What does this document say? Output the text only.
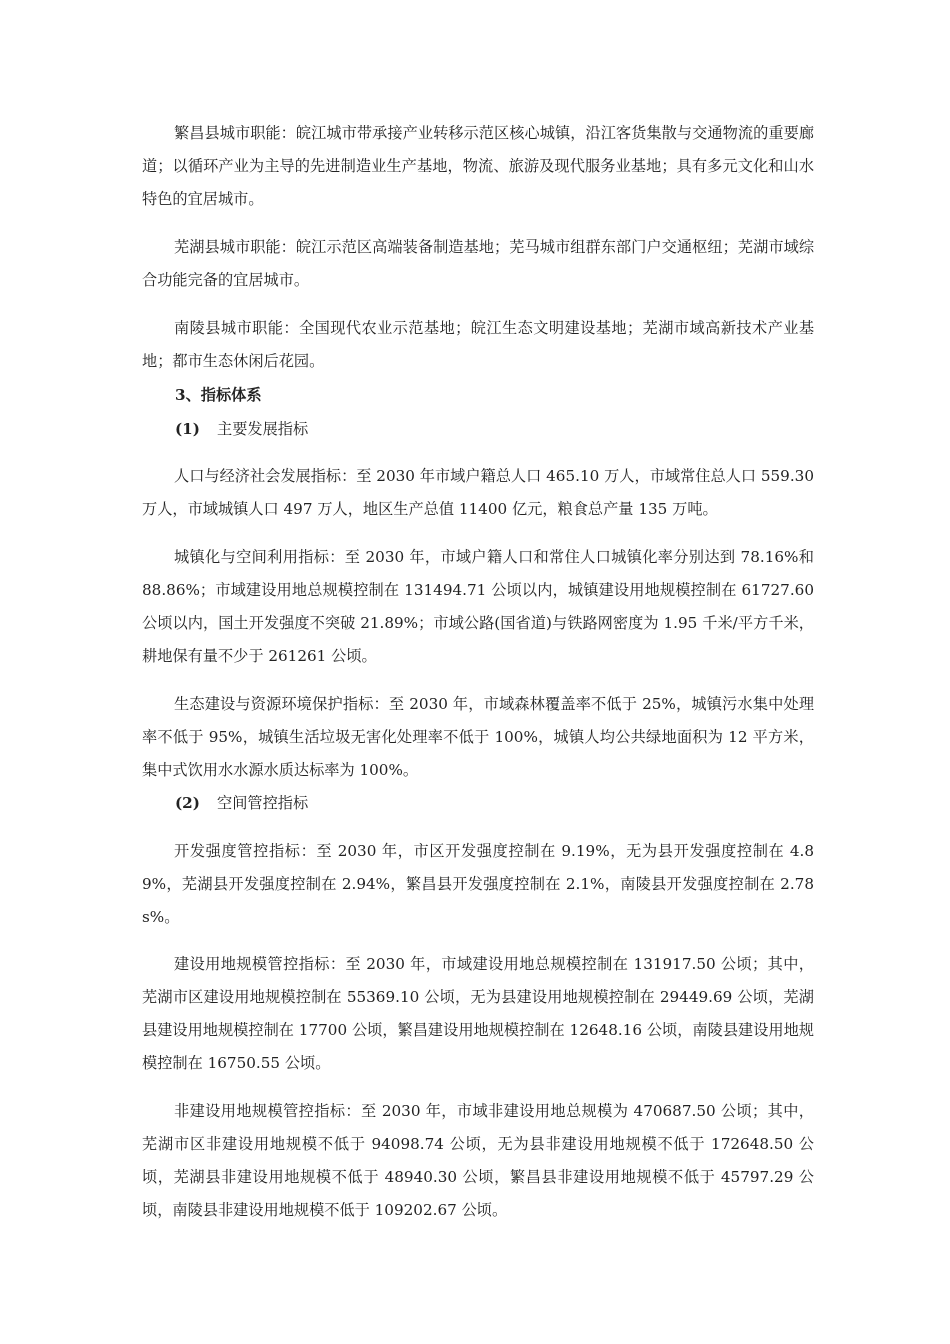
繁昌县城市职能：皖江城市带承接产业转移示范区核心城镇，沿江客货集散与交通物流的重要廊道；以循环产业为主导的先进制造业生产基地，物流、旅游及现代服务业基地；具有多元文化和山水特色的宜居城市。

芜湖县城市职能：皖江示范区高端装备制造基地；芜马城市组群东部门户交通枢纽；芜湖市域综合功能完备的宜居城市。

南陵县城市职能：全国现代农业示范基地；皖江生态文明建设基地；芜湖市域高新技术产业基地；都市生态休闲后花园。

3、指标体系

(1) 主要发展指标

人口与经济社会发展指标：至 2030 年市域户籍总人口 465.10 万人，市域常住总人口 559.30 万人，市域城镇人口 497 万人，地区生产总值 11400 亿元，粮食总产量 135 万吨。

城镇化与空间利用指标：至 2030 年，市域户籍人口和常住人口城镇化率分别达到 78.16%和 88.86%；市域建设用地总规模控制在 131494.71 公顷以内，城镇建设用地规模控制在 61727.60 公顷以内，国土开发强度不突破 21.89%；市域公路(国省道)与铁路网密度为 1.95 千米/平方千米，耕地保有量不少于 261261 公顷。

生态建设与资源环境保护指标：至 2030 年，市域森林覆盖率不低于 25%，城镇污水集中处理率不低于 95%，城镇生活垃圾无害化处理率不低于 100%，城镇人均公共绿地面积为 12 平方米，集中式饮用水水源水质达标率为 100%。

(2) 空间管控指标

开发强度管控指标：至 2030 年，市区开发强度控制在 9.19%，无为县开发强度控制在 4.89%，芜湖县开发强度控制在 2.94%，繁昌县开发强度控制在 2.1%，南陵县开发强度控制在 2.78s%。

建设用地规模管控指标：至 2030 年，市域建设用地总规模控制在 131917.50 公顷；其中，芜湖市区建设用地规模控制在 55369.10 公顷，无为县建设用地规模控制在 29449.69 公顷，芜湖县建设用地规模控制在 17700 公顷，繁昌建设用地规模控制在 12648.16 公顷，南陵县建设用地规模控制在 16750.55 公顷。

非建设用地规模管控指标：至 2030 年，市域非建设用地总规模为 470687.50 公顷；其中，芜湖市区非建设用地规模不低于 94098.74 公顷，无为县非建设用地规模不低于 172648.50 公顷，芜湖县非建设用地规模不低于 48940.30 公顷，繁昌县非建设用地规模不低于 45797.29 公顷，南陵县非建设用地规模不低于 109202.67 公顷。
